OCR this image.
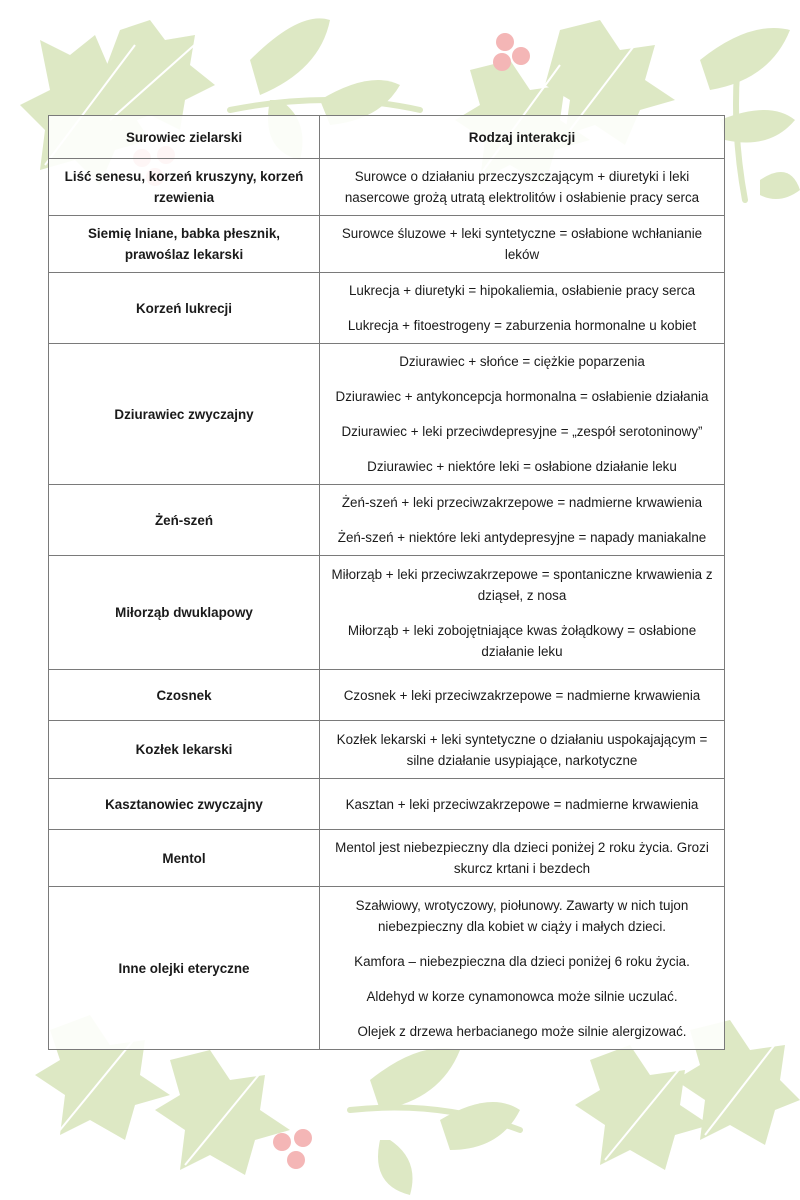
Surowiec zielarski	Rodzaj interakcji
Liść senesu, korzeń kruszyny, korzeń rzewienia	Surowce o działaniu przeczyszczającym + diuretyki i leki nasercowe grożą utratą elektrolitów i osłabienie pracy serca

Siemię lniane, babka płesznik, prawoślaz lekarski	Surowce śluzowe + leki syntetyczne = osłabione wchłanianie leków

Korzeń lukrecji	Lukrecja + diuretyki = hipokaliemia, osłabienie pracy serca

Lukrecja + fitoestrogeny = zaburzenia hormonalne u kobiet

Dziurawiec zwyczajny	Dziurawiec + słońce = ciężkie poparzenia

Dziurawiec + antykoncepcja hormonalna = osłabienie działania

Dziurawiec + leki przeciwdepresyjne = „zespół serotoninowy”

Dziurawiec + niektóre leki = osłabione działanie leku

Żeń-szeń	Żeń-szeń + leki przeciwzakrzepowe = nadmierne krwawienia

Żeń-szeń + niektóre leki antydepresyjne = napady maniakalne

Miłorząb dwuklapowy	Miłorząb + leki przeciwzakrzepowe = spontaniczne krwawienia z dziąseł, z nosa

Miłorząb + leki zobojętniające kwas żołądkowy = osłabione działanie leku

Czosnek	Czosnek + leki przeciwzakrzepowe = nadmierne krwawienia

Kozłek lekarski	Kozłek lekarski + leki syntetyczne o działaniu uspokajającym = silne działanie usypiające, narkotyczne

Kasztanowiec zwyczajny	Kasztan + leki przeciwzakrzepowe = nadmierne krwawienia

Mentol	Mentol jest niebezpieczny dla dzieci poniżej 2 roku życia. Grozi skurcz krtani i bezdech

Inne olejki eteryczne	Szałwiowy, wrotyczowy, piołunowy. Zawarty w nich tujon niebezpieczny dla kobiet w ciąży i małych dzieci.

Kamfora – niebezpieczna dla dzieci poniżej 6 roku życia.

Aldehyd w korze cynamonowca może silnie uczulać.

Olejek z drzewa herbacianego może silnie alergizować.
